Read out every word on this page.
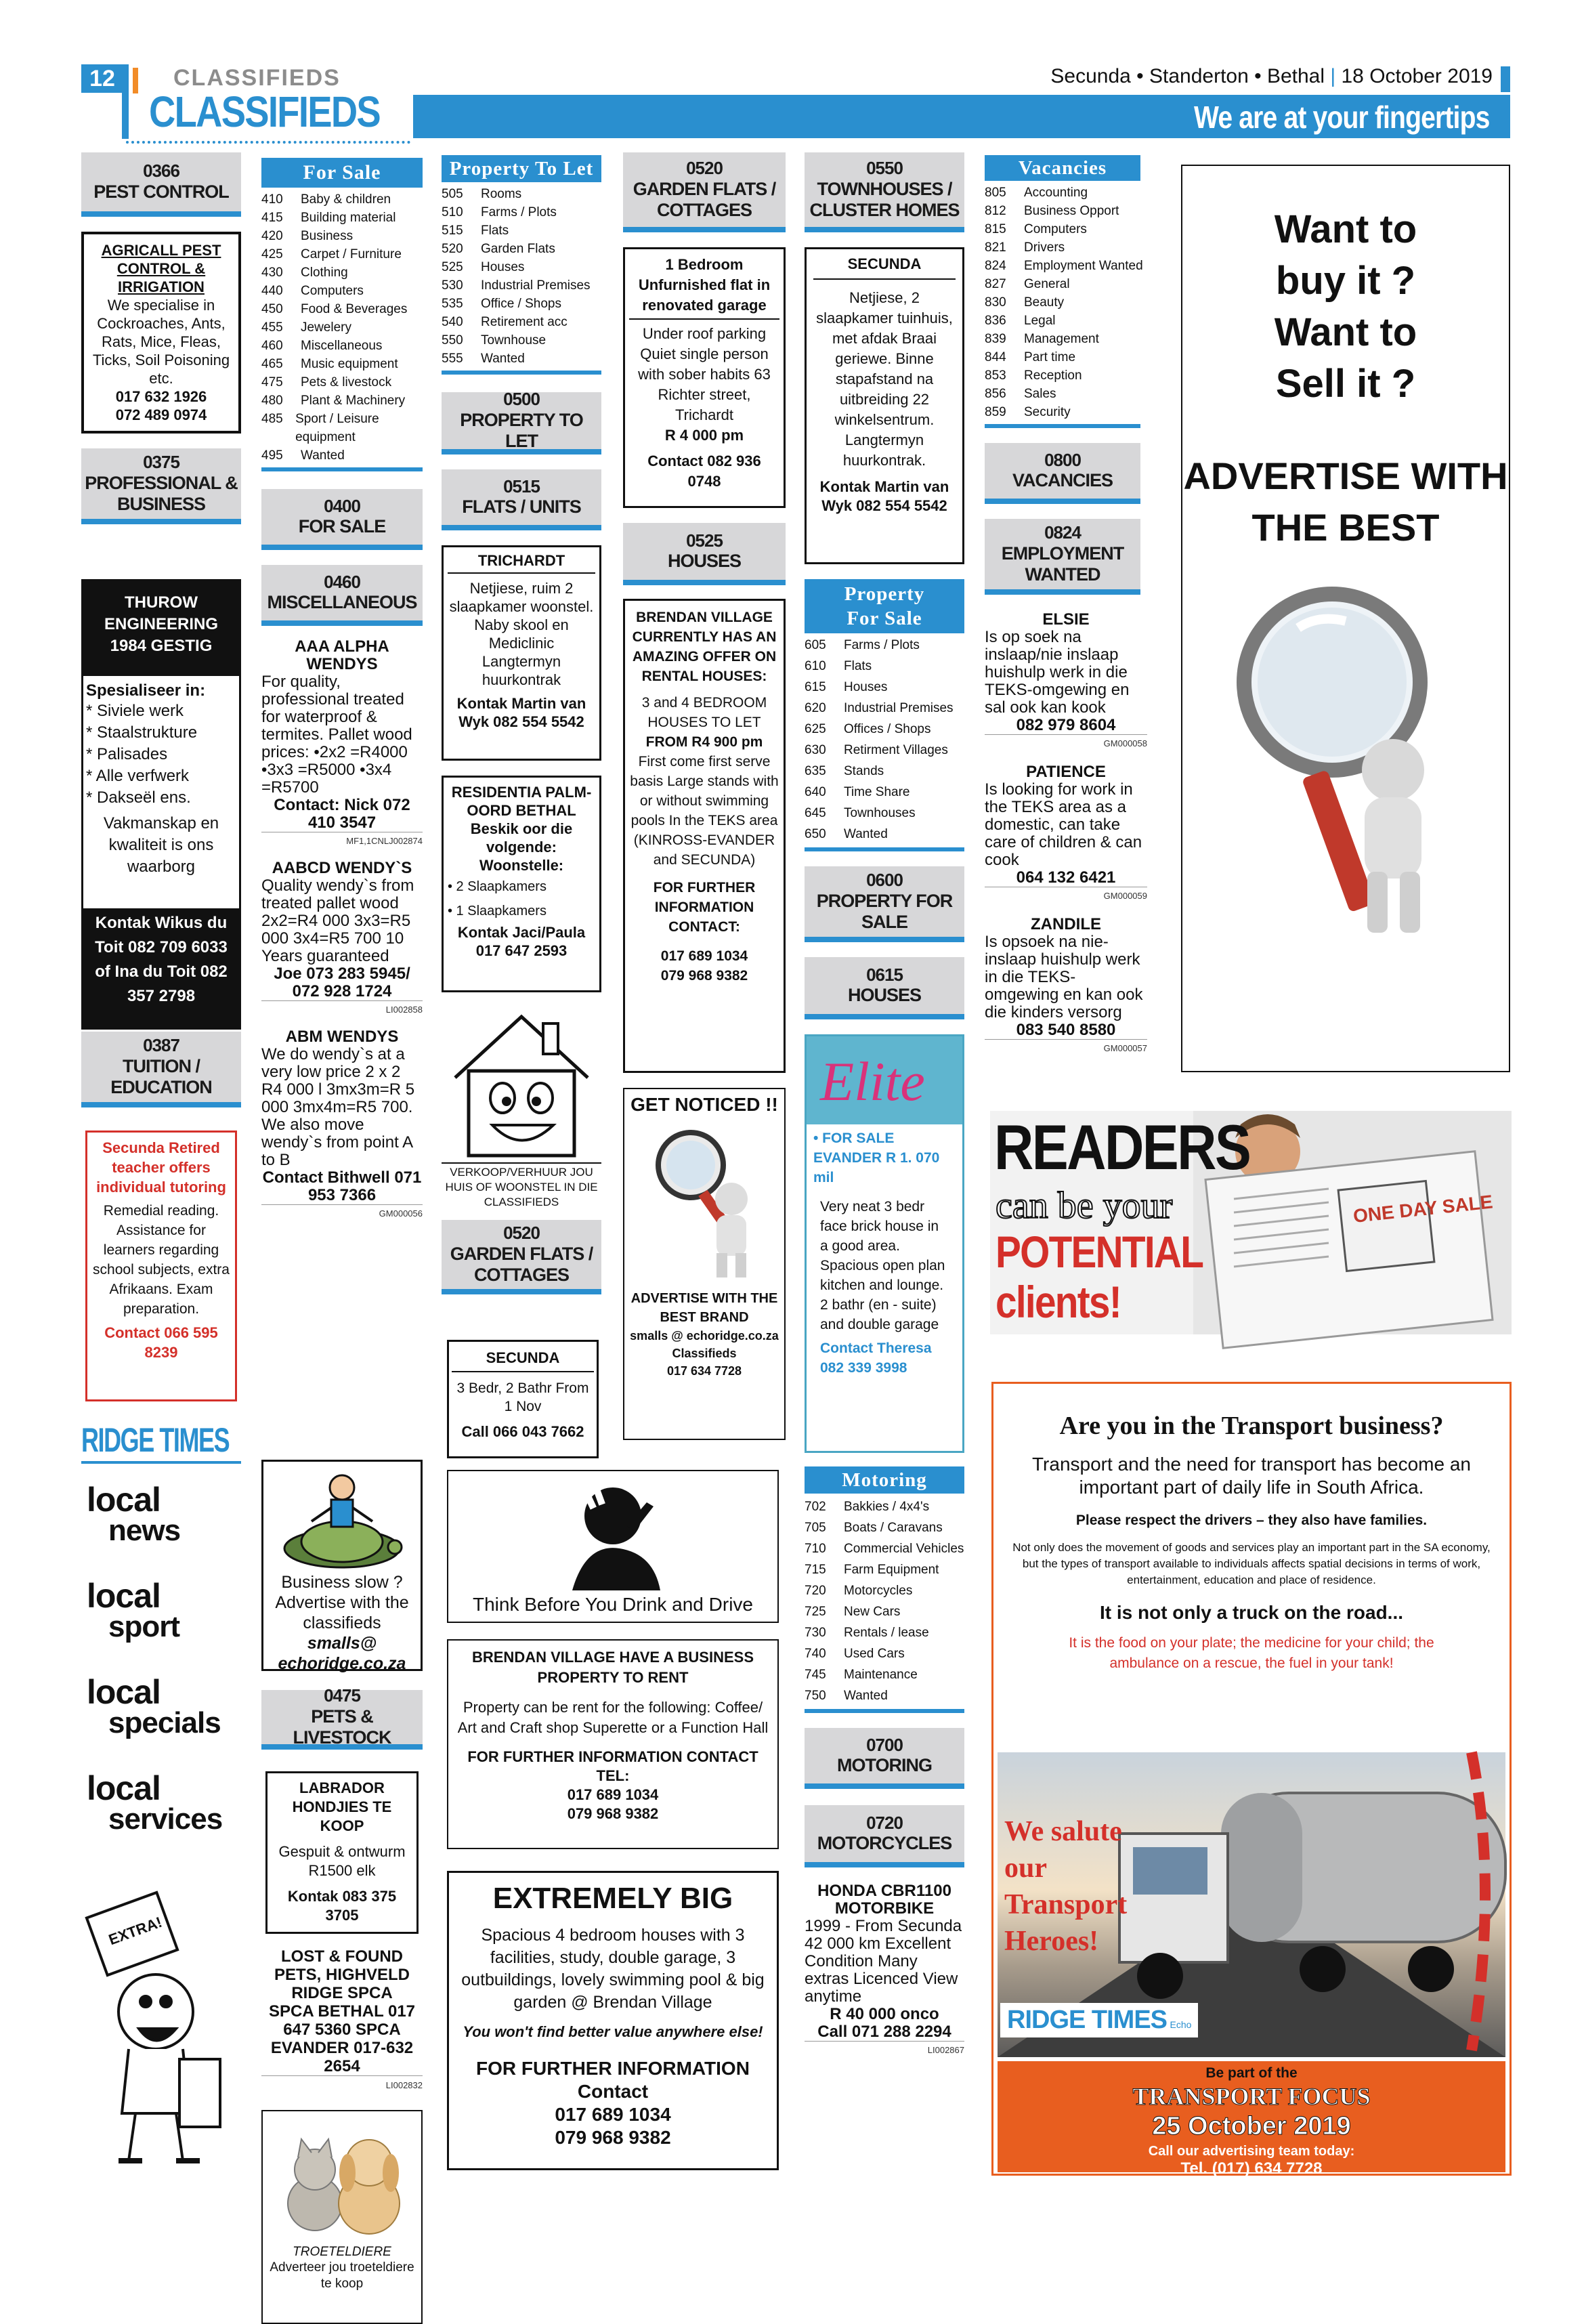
12	CLASSIFIEDS
CLASSIFIEDS
Secunda • Standerton • Bethal | 18 October 2019
We are at your fingertips
0366
PEST CONTROL
AGRICALL PEST CONTROL & IRRIGATION
We specialise in Cockroaches, Ants, Rats, Mice, Fleas, Ticks, Soil Poisoning etc.
017 632 1926
072 489 0974
0375
PROFESSIONAL & BUSINESS
THUROW ENGINEERING 1984 GESTIG
Spesialiseer in:
* Siviele werk
* Staalstrukture
* Palisades
* Alle verfwerk
* Dakseël ens.
Vakmanskap en kwaliteit is ons waarborg
Kontak Wikus du Toit 082 709 6033 of Ina du Toit 082 357 2798
0387
TUITION / EDUCATION
Secunda Retired teacher offers individual tutoring
Remedial reading. Assistance for learners regarding school subjects, extra Afrikaans. Exam preparation.
Contact 066 595 8239
RIDGE TIMES
local
news
local
sport
local
specials
local
services
EXTRA!
For Sale
410	Baby & children
415	Building material
420	Business
425	Carpet / Furniture
430	Clothing
440	Computers
450	Food & Beverages
455	Jewelery
460	Miscellaneous
465	Music equipment
475	Pets & livestock
480	Plant & Machinery
485 Sport / Leisure equipment
495	Wanted
0400
FOR SALE
0460
MISCELLANEOUS
AAA ALPHA WENDYS
For quality, professional treated for waterproof & termites. Pallet wood prices: •2x2 =R4000 •3x3 =R5000 •3x4 =R5700
Contact: Nick 072 410 3547
MF1,1CNLJ002874
AABCD WENDY`S
Quality wendy`s from treated pallet wood 2x2=R4 000 3x3=R5 000 3x4=R5 700 10 Years guaranteed
Joe 073 283 5945/ 072 928 1724
LI002858
ABM WENDYS
We do wendy`s at a very low price 2 x 2 R4 000 l 3mx3m=R 5 000 3mx4m=R5 700. We also move wendy`s from point A to B
Contact Bithwell 071 953 7366
GM000056
Business slow ? Advertise with the classifieds
smalls@ echoridge.co.za
0475
PETS & LIVESTOCK
LABRADOR HONDJIES TE KOOP
Gespuit & ontwurm R1500 elk
Kontak 083 375 3705
LOST & FOUND PETS, HIGHVELD RIDGE SPCA
SPCA BETHAL 017 647 5360 SPCA EVANDER 017-632 2654
LI002832
TROETELDIERE
Adverteer jou troeteldiere te koop
Property To Let
505	Rooms
510	Farms / Plots
515	Flats
520	Garden Flats
525	Houses
530	Industrial Premises
535	Office / Shops
540	Retirement acc
550	Townhouse
555	Wanted
0500
PROPERTY TO LET
0515
FLATS / UNITS
TRICHARDT
Netjiese, ruim 2 slaapkamer woonstel. Naby skool en Mediclinic Langtermyn huurkontrak
Kontak Martin van Wyk 082 554 5542
RESIDENTIA PALM-OORD BETHAL
Beskik oor die volgende: Woonstelle:
• 2 Slaapkamers
• 1 Slaapkamers
Kontak Jaci/Paula 017 647 2593
VERKOOP/VERHUUR JOU HUIS OF WOONSTEL IN DIE CLASSIFIEDS
0520
GARDEN FLATS / COTTAGES
SECUNDA
3 Bedr, 2 Bathr From 1 Nov
Call 066 043 7662
Think Before You Drink and Drive
BRENDAN VILLAGE HAVE A BUSINESS PROPERTY TO RENT
Property can be rent for the following: Coffee/ Art and Craft shop Superette or a Function Hall
FOR FURTHER INFORMATION CONTACT TEL:
017 689 1034
079 968 9382
EXTREMELY BIG
Spacious 4 bedroom houses with 3 facilities, study, double garage, 3 outbuildings, lovely swimming pool & big garden @ Brendan Village
You won't find better value anywhere else!
FOR FURTHER INFORMATION
Contact
017 689 1034
079 968 9382
0520
GARDEN FLATS / COTTAGES
1 Bedroom Unfurnished flat in renovated garage
Under roof parking Quiet single person with sober habits 63 Richter street, Trichardt
R 4 000 pm
Contact 082 936 0748
0525
HOUSES
BRENDAN VILLAGE CURRENTLY HAS AN AMAZING OFFER ON RENTAL HOUSES:
3 and 4 BEDROOM HOUSES TO LET
FROM R4 900 pm
First come first serve basis Large stands with or without swimming pools In the TEKS area (KINROSS-EVANDER and SECUNDA)
FOR FURTHER INFORMATION CONTACT:
017 689 1034
079 968 9382
GET NOTICED !!
ADVERTISE WITH THE BEST BRAND
smalls @ echoridge.co.za Classifieds
017 634 7728
0550
TOWNHOUSES / CLUSTER HOMES
SECUNDA
Netjiese, 2 slaapkamer tuinhuis, met afdak Braai geriewe. Binne stapafstand na uitbreiding 22 winkelsentrum. Langtermyn huurkontrak.
Kontak Martin van Wyk 082 554 5542
Property For Sale
605	Farms / Plots
610	Flats
615	Houses
620	Industrial Premises
625	Offices / Shops
630	Retirment Villages
635	Stands
640	Time Share
645	Townhouses
650	Wanted
0600
PROPERTY FOR SALE
0615
HOUSES
Elite
• FOR SALE EVANDER R 1. 070 mil
Very neat 3 bedr face brick house in a good area. Spacious open plan kitchen and lounge. 2 bathr (en - suite) and double garage
Contact Theresa 082 339 3998
Motoring
702	Bakkies / 4x4's
705	Boats / Caravans
710	Commercial Vehicles
715	Farm Equipment
720	Motorcycles
725	New Cars
730	Rentals / lease
740	Used Cars
745	Maintenance
750	Wanted
0700
MOTORING
0720
MOTORCYCLES
HONDA CBR1100 MOTORBIKE
1999 - From Secunda 42 000 km Excellent Condition Many extras Licenced View anytime
R 40 000 onco
Call 071 288 2294
LI002867
Vacancies
805	Accounting
812	Business Opport
815	Computers
821	Drivers
824	Employment Wanted
827	General
830	Beauty
836	Legal
839	Management
844	Part time
853	Reception
856	Sales
859	Security
0800
VACANCIES
0824
EMPLOYMENT WANTED
ELSIE
Is op soek na inslaap/nie inslaap huishulp werk in die TEKS-omgewing en sal ook kan kook
082 979 8604
GM000058
PATIENCE
Is looking for work in the TEKS area as a domestic, can take care of children & can cook
064 132 6421
GM000059
ZANDILE
Is opsoek na nie-inslaap huishulp werk in die TEKS-omgewing en kan ook die kinders versorg
083 540 8580
GM000057
Want to buy it ? Want to Sell it ?
ADVERTISE WITH THE BEST
ONE DAY SALE
READERS
can be your
POTENTIAL
clients!
Are you in the Transport business?
Transport and the need for transport has become an important part of daily life in South Africa.
Please respect the drivers – they also have families.
Not only does the movement of goods and services play an important part in the SA economy, but the types of transport available to individuals affects spatial decisions in terms of work, entertainment, education and place of residence.
It is not only a truck on the road...
It is the food on your plate; the medicine for your child; the ambulance on a rescue, the fuel in your tank!
We salute our Transport Heroes!
RIDGE TIMES Echo
Be part of the
TRANSPORT FOCUS
25 October 2019
Call our advertising team today:
Tel. (017) 634 7728
